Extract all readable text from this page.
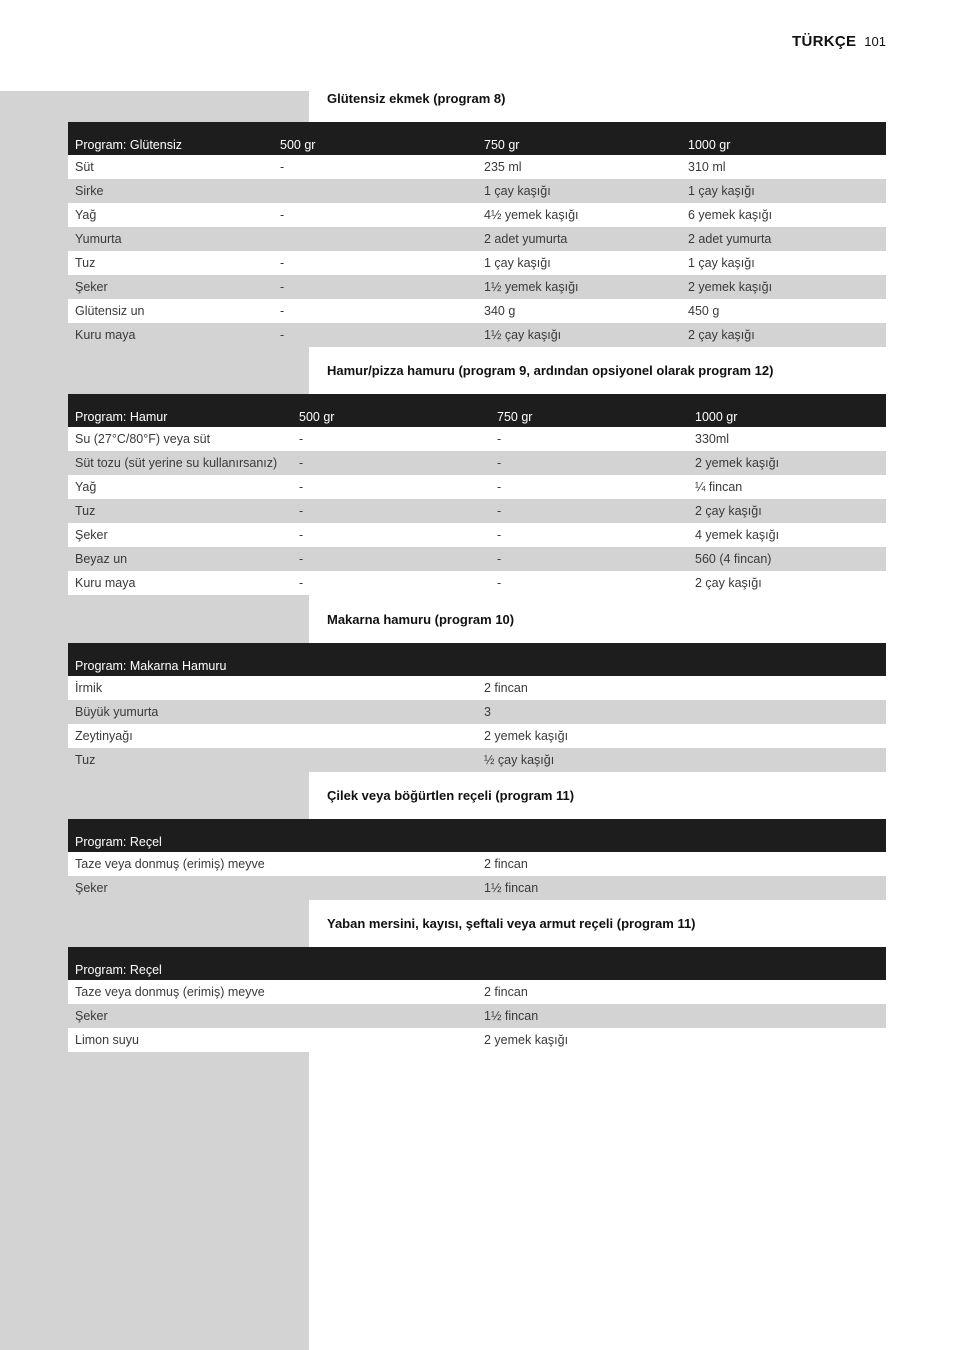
TÜRKÇE 101
Glütensiz ekmek (program 8)
Program: Glütensiz	500 gr	750 gr	1000 gr
Süt	-	235 ml	310 ml
Sirke		1 çay kaşığı	1 çay kaşığı
Yağ	-	4½ yemek kaşığı	6 yemek kaşığı
Yumurta		2 adet yumurta	2 adet yumurta
Tuz	-	1 çay kaşığı	1 çay kaşığı
Şeker	-	1½ yemek kaşığı	2 yemek kaşığı
Glütensiz un	-	340 g	450 g
Kuru maya	-	1½ çay kaşığı	2 çay kaşığı
Hamur/pizza hamuru (program 9, ardından opsiyonel olarak program 12)
Program: Hamur	500 gr	750 gr	1000 gr
Su (27°C/80°F) veya süt	-	-	330ml
Süt tozu (süt yerine su kullanırsanız)	-	-	2 yemek kaşığı
Yağ	-	-	¼ fincan
Tuz	-	-	2 çay kaşığı
Şeker	-	-	4 yemek kaşığı
Beyaz un	-	-	560 (4 fincan)
Kuru maya	-	-	2 çay kaşığı
Makarna hamuru (program 10)
Program: Makarna Hamuru	
İrmik	2 fincan
Büyük yumurta	3
Zeytinyağı	2 yemek kaşığı
Tuz	½ çay kaşığı
Çilek veya böğürtlen reçeli (program 11)
Program: Reçel	
Taze veya donmuş (erimiş) meyve	2 fincan
Şeker	1½ fincan
Yaban mersini, kayısı, şeftali veya armut reçeli (program 11)
Program: Reçel	
Taze veya donmuş (erimiş) meyve	2 fincan
Şeker	1½ fincan
Limon suyu	2 yemek kaşığı
